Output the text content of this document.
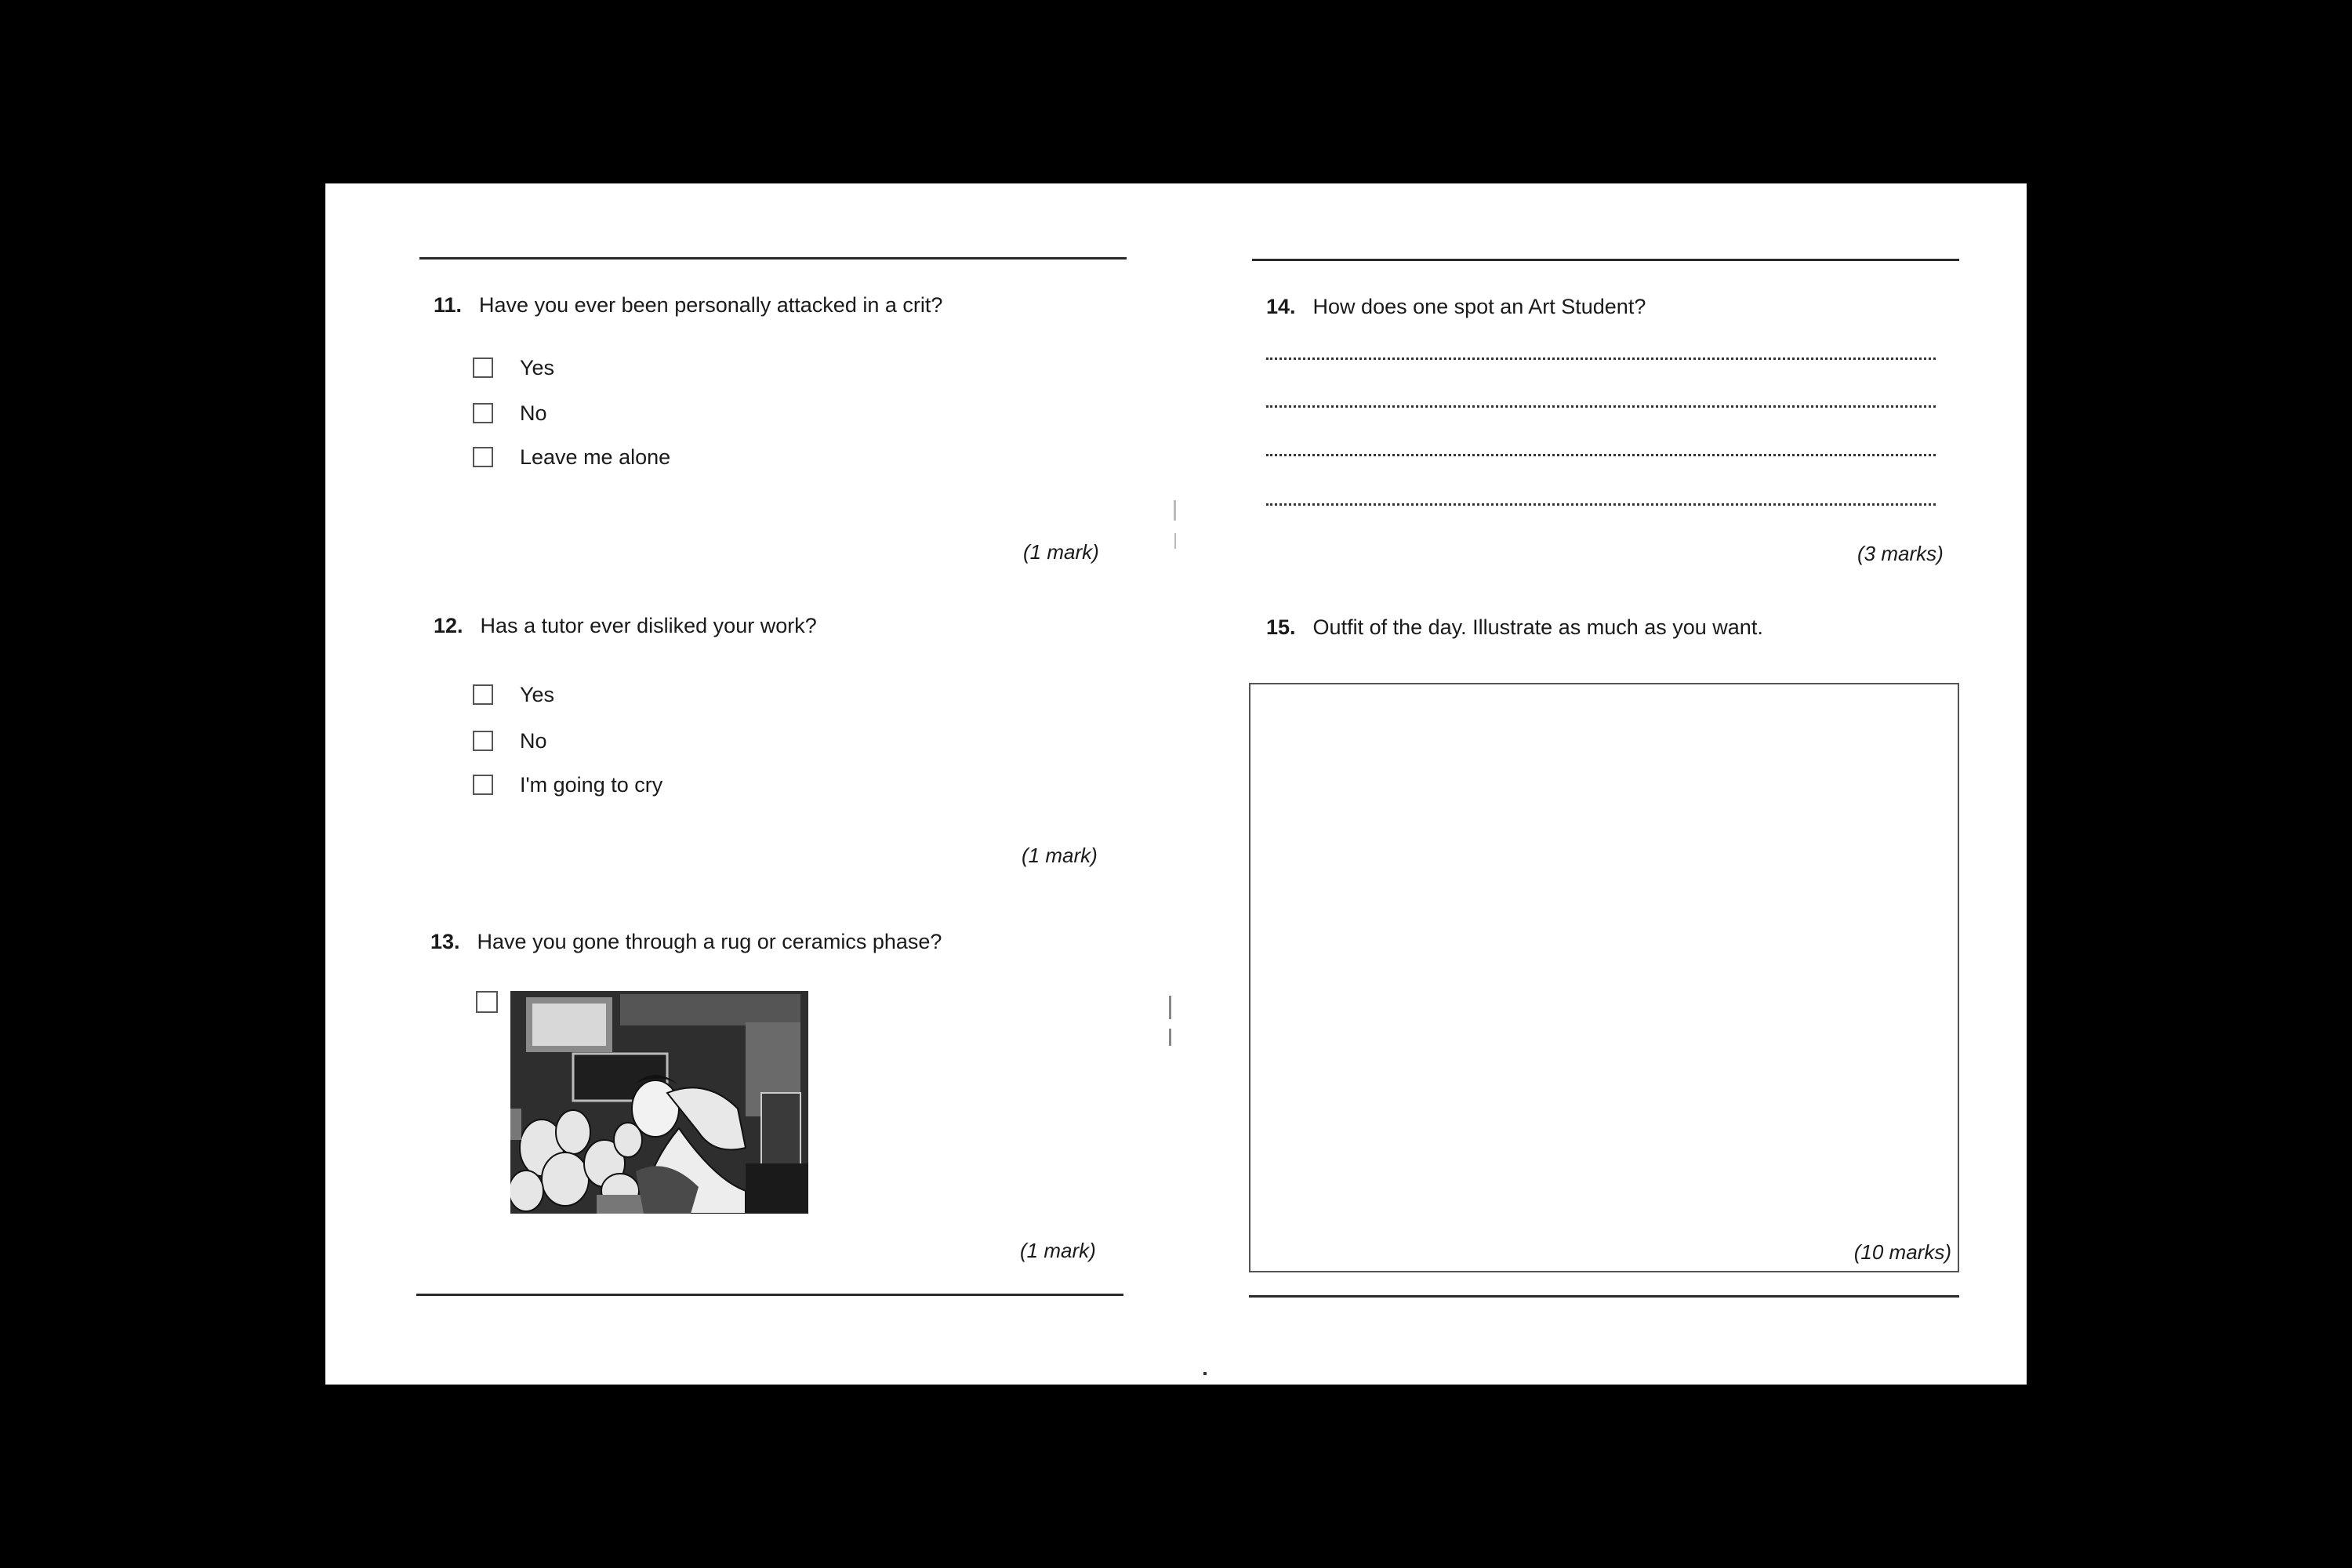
11. Have you ever been personally attacked in a crit?
Yes
No
Leave me alone
(1 mark)
12. Has a tutor ever disliked your work?
Yes
No
I'm going to cry
(1 mark)
13. Have you gone through a rug or ceramics phase?
(1 mark)
14. How does one spot an Art Student?
(3 marks)
15. Outfit of the day. Illustrate as much as you want.
(10 marks)
